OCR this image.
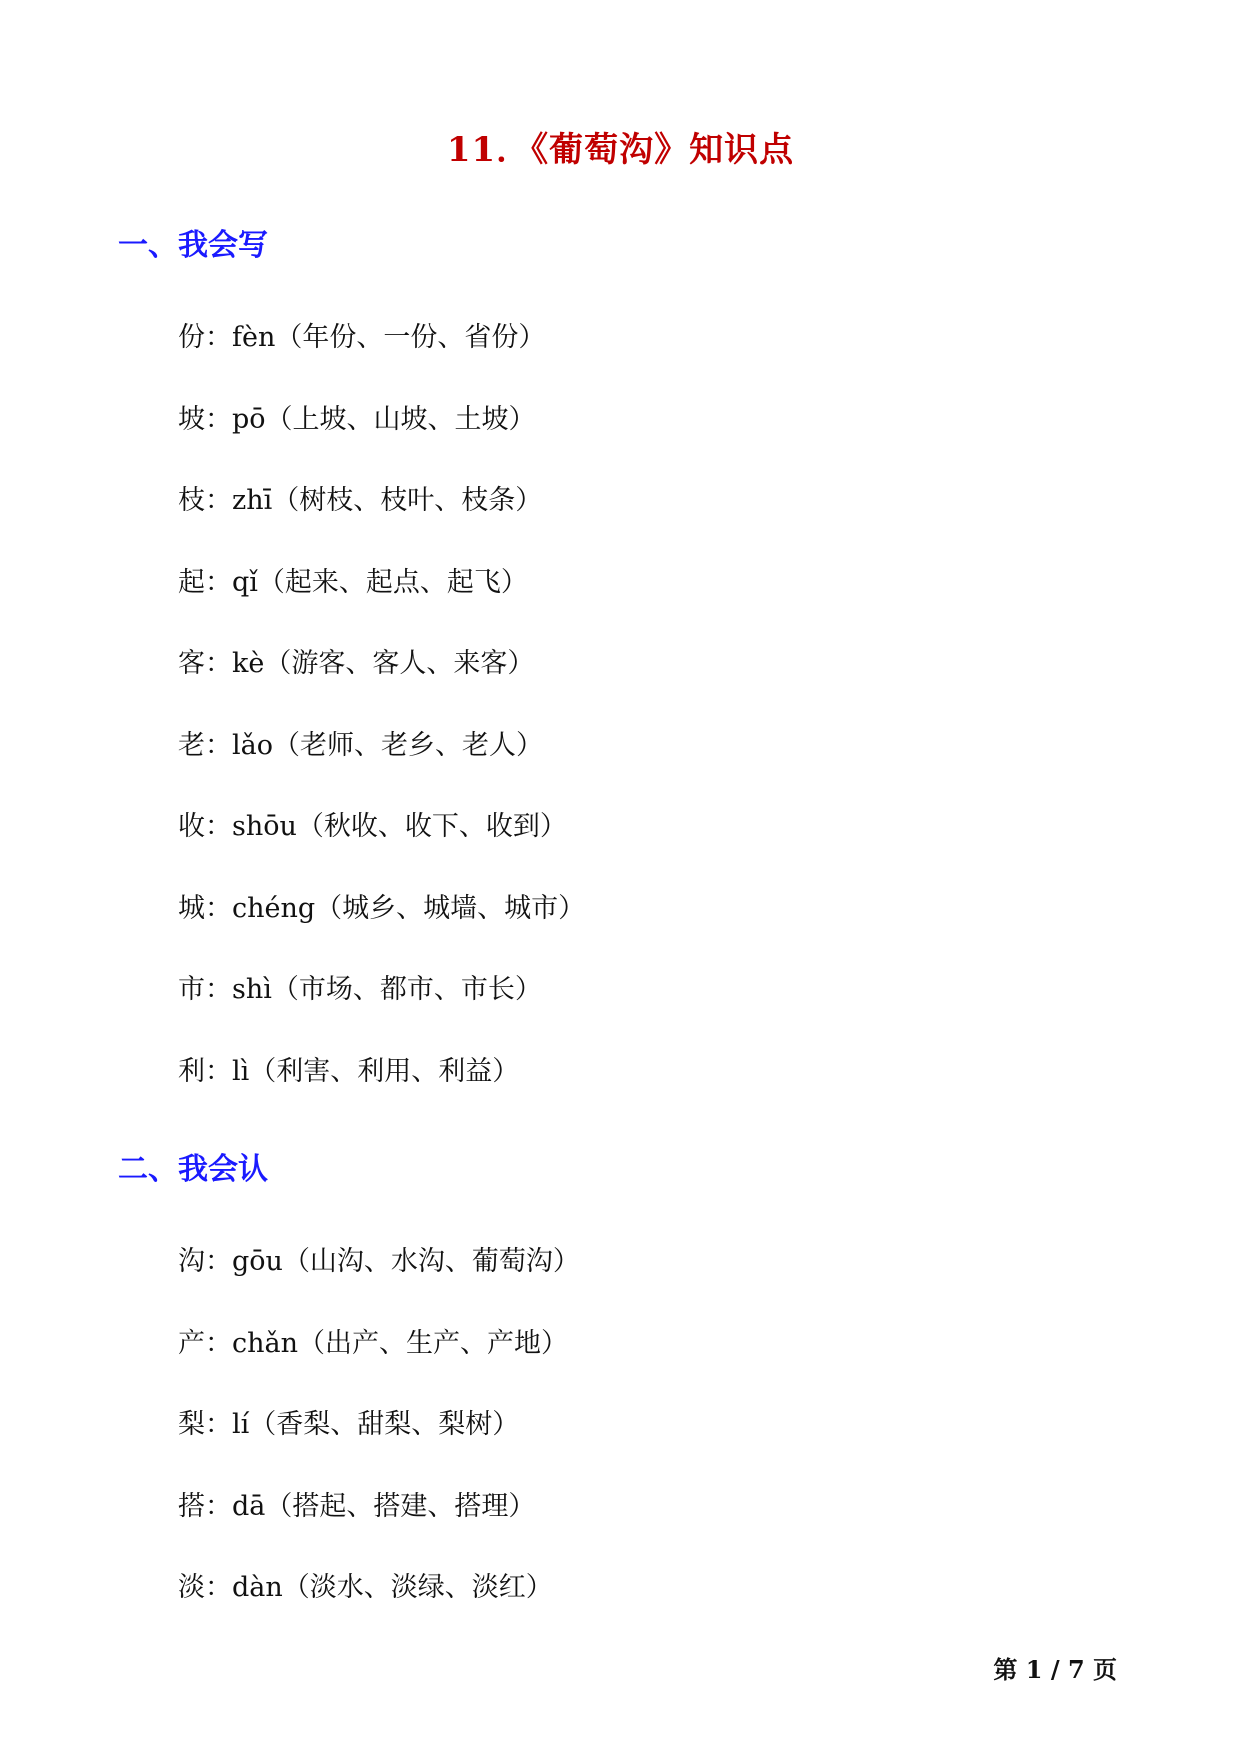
11．《葡萄沟》知识点
一、我会写
份：fèn（年份、一份、省份）
坡：pō（上坡、山坡、土坡）
枝：zhī（树枝、枝叶、枝条）
起：qǐ（起来、起点、起飞）
客：kè（游客、客人、来客）
老：lǎo（老师、老乡、老人）
收：shōu（秋收、收下、收到）
城：chéng（城乡、城墙、城市）
市：shì（市场、都市、市长）
利：lì（利害、利用、利益）
二、我会认
沟：gōu（山沟、水沟、葡萄沟）
产：chǎn（出产、生产、产地）
梨：lí（香梨、甜梨、梨树）
搭：dā（搭起、搭建、搭理）
淡：dàn（淡水、淡绿、淡红）
第 1 / 7 页
